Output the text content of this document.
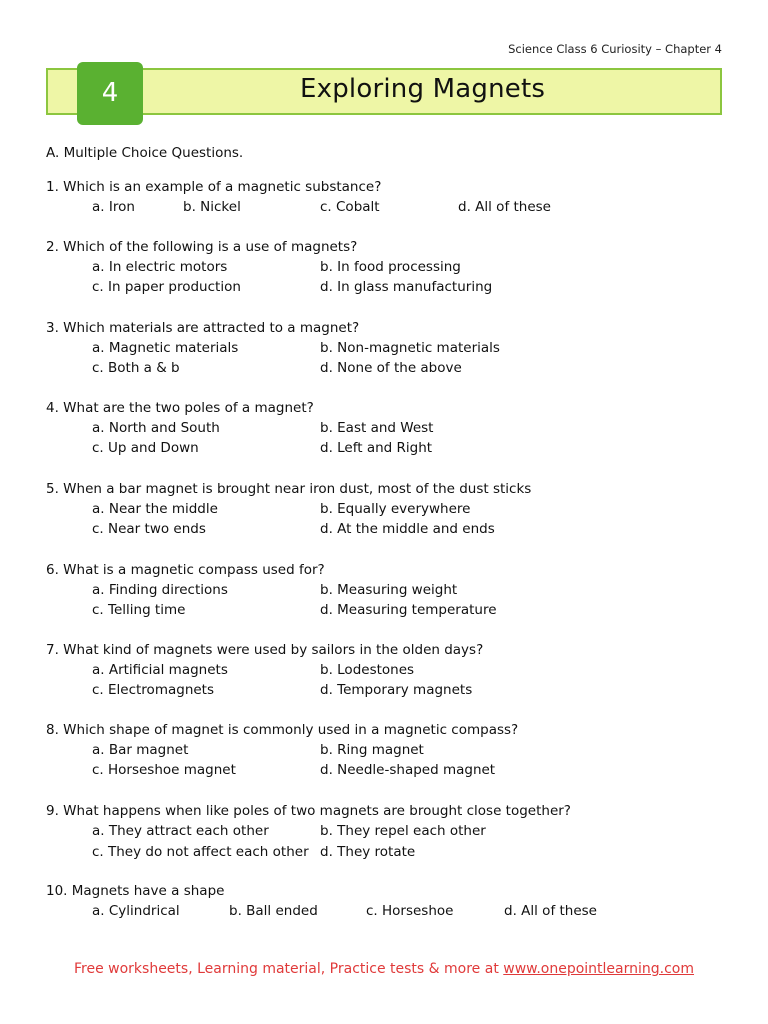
Science Class 6 Curiosity – Chapter 4
4	Exploring Magnets
A. Multiple Choice Questions.
1. Which is an example of a magnetic substance?
a. Iron	b. Nickel	c. Cobalt	d. All of these
2. Which of the following is a use of magnets?
a. In electric motors	b. In food processing
c. In paper production	d. In glass manufacturing
3. Which materials are attracted to a magnet?
a. Magnetic materials	b. Non-magnetic materials
c. Both a & b	d. None of the above
4. What are the two poles of a magnet?
a. North and South	b. East and West
c. Up and Down	d. Left and Right
5. When a bar magnet is brought near iron dust, most of the dust sticks
a. Near the middle	b. Equally everywhere
c. Near two ends	d. At the middle and ends
6. What is a magnetic compass used for?
a. Finding directions	b. Measuring weight
c. Telling time	d. Measuring temperature
7. What kind of magnets were used by sailors in the olden days?
a. Artificial magnets	b. Lodestones
c. Electromagnets	d. Temporary magnets
8. Which shape of magnet is commonly used in a magnetic compass?
a. Bar magnet	b. Ring magnet
c. Horseshoe magnet	d. Needle-shaped magnet
9. What happens when like poles of two magnets are brought close together?
a. They attract each other	b. They repel each other
c. They do not affect each other d. They rotate
10. Magnets have a shape
a. Cylindrical	b. Ball ended	c. Horseshoe	d. All of these
Free worksheets, Learning material, Practice tests & more at www.onepointlearning.com
